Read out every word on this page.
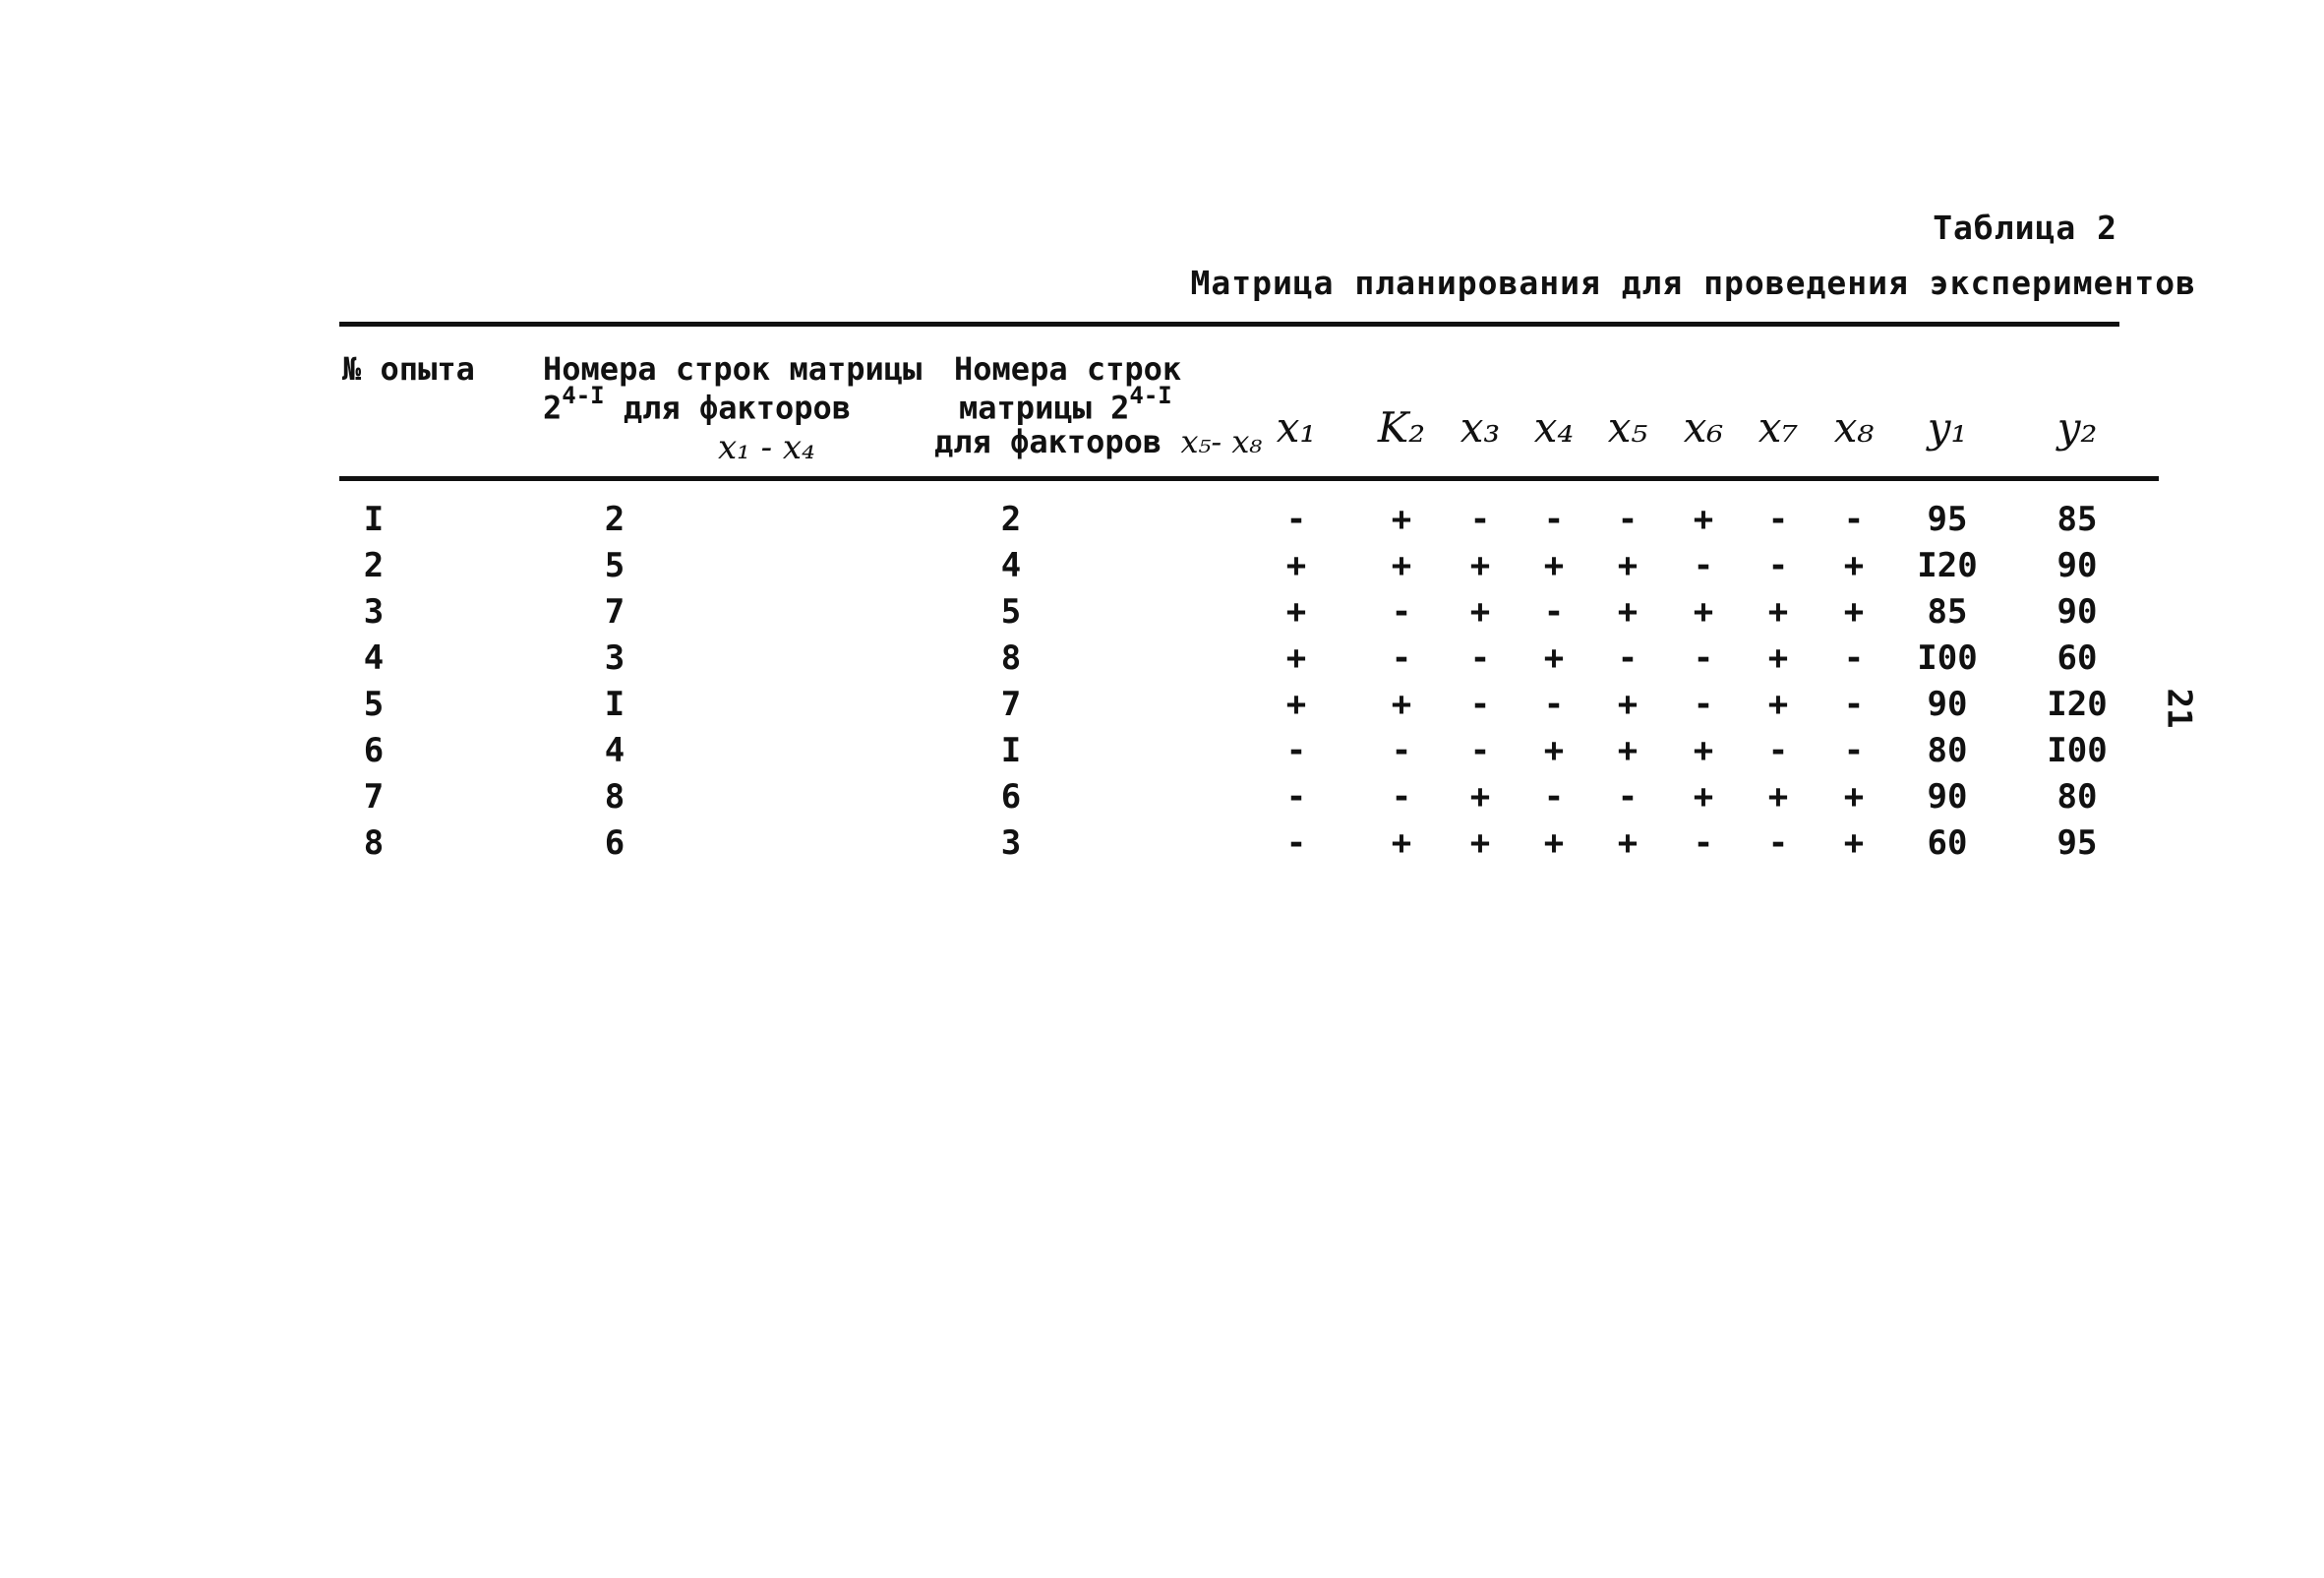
Таблица 2
Матрица планирования для проведения экспериментов
№ опыта Номера строк матрицы
$2^{4-I}$ для факторов
x₁ - x₄
Номера строк
матрицы $2^{4-I}$
для факторов x₅- x₈ x₁ K₂ x₃ x₄ x₅ x₆ x₇ x₈ y₁ y₂
I	2	2	-	+ - - - + - - 95	85
2	5	4	+	+ + + + - - + I20 90
3	7	5	+	- + - + + + + 85	90
4	3	8	+	- - + - - + - I00 60
5	I	7	+	+ - - + - + - 90 I20
6	4	I	-	- - + + + - - 80 I00
7	8	6	-	- + - - + + + 90	80
8	6	3	-	+ + + + - - + 60	95
21
